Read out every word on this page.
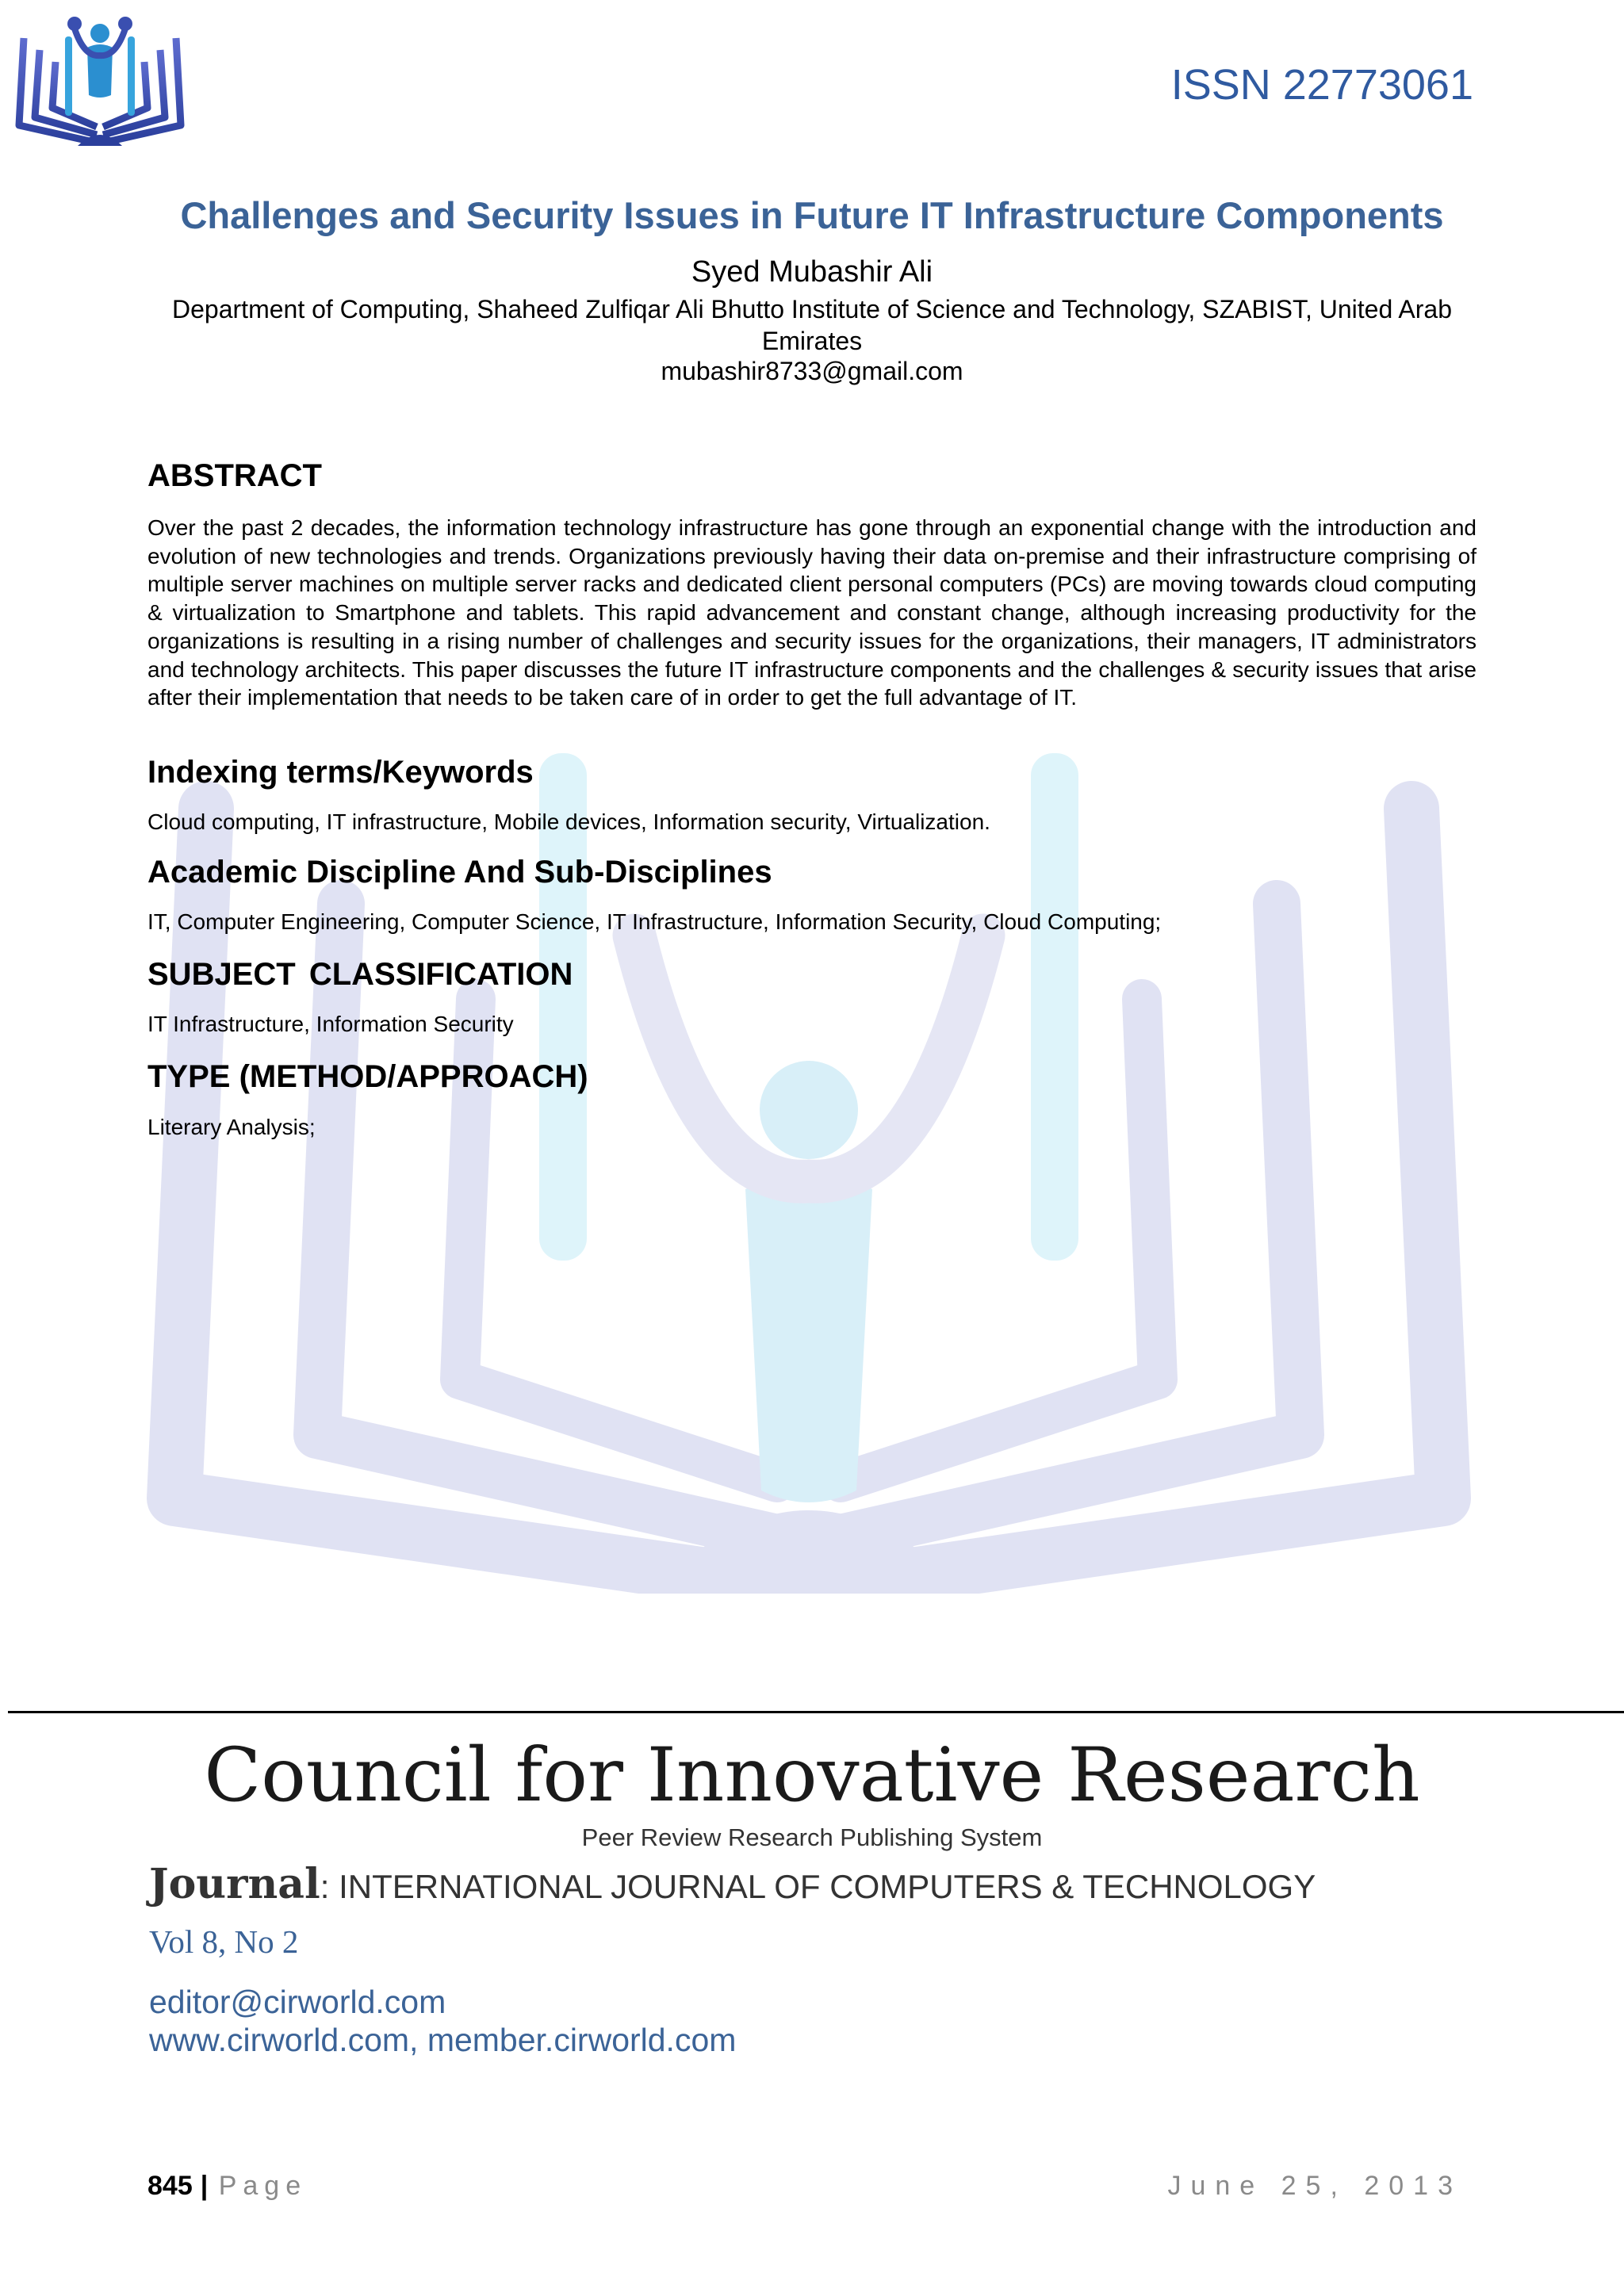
ISSN 22773061
Challenges and Security Issues in Future IT Infrastructure Components
Syed Mubashir Ali
Department of Computing, Shaheed Zulfiqar Ali Bhutto Institute of Science and Technology, SZABIST, United Arab Emirates
mubashir8733@gmail.com
ABSTRACT
Over the past 2 decades, the information technology infrastructure has gone through an exponential change with the introduction and evolution of new technologies and trends. Organizations previously having their data on-premise and their infrastructure comprising of multiple server machines on multiple server racks and dedicated client personal computers (PCs) are moving towards cloud computing & virtualization to Smartphone and tablets. This rapid advancement and constant change, although increasing productivity for the organizations is resulting in a rising number of challenges and security issues for the organizations, their managers, IT administrators and technology architects. This paper discusses the future IT infrastructure components and the challenges & security issues that arise after their implementation that needs to be taken care of in order to get the full advantage of IT.
Indexing terms/Keywords
Cloud computing, IT infrastructure, Mobile devices, Information security, Virtualization.
Academic Discipline And Sub-Disciplines
IT, Computer Engineering, Computer Science, IT Infrastructure, Information Security, Cloud Computing;
SUBJECT CLASSIFICATION
IT Infrastructure, Information Security
TYPE (METHOD/APPROACH)
Literary Analysis;
Council for Innovative Research
Peer Review Research Publishing System
Journal: INTERNATIONAL JOURNAL OF COMPUTERS & TECHNOLOGY
Vol 8, No 2
editor@cirworld.com
www.cirworld.com, member.cirworld.com
845 | Page	June 25, 2013
